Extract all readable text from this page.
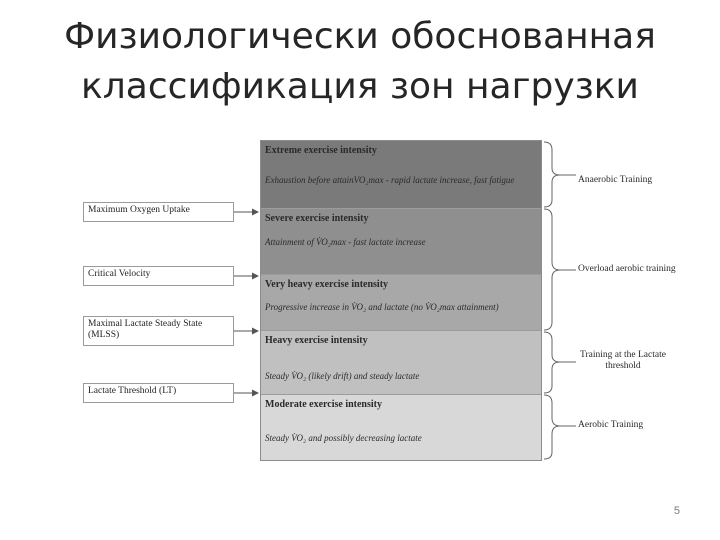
Физиологически обоснованная
классификация зон нагрузки
Extreme exercise intensity
Exhaustion before attainVO₂max - rapid lactate increase, fast fatigue
Severe exercise intensity
Attainment of V̇O₂max - fast lactate increase
Very heavy exercise intensity
Progressive increase in V̇O₂ and lactate (no V̇O₂max attainment)
Heavy exercise intensity
Steady V̇O₂ (likely drift) and steady lactate
Moderate exercise intensity
Steady V̇O₂ and possibly decreasing lactate
Maximum Oxygen Uptake
Critical Velocity
Maximal Lactate Steady State (MLSS)
Lactate Threshold (LT)
Anaerobic Training
Overload aerobic training
Training at the Lactate threshold
Aerobic Training
5
